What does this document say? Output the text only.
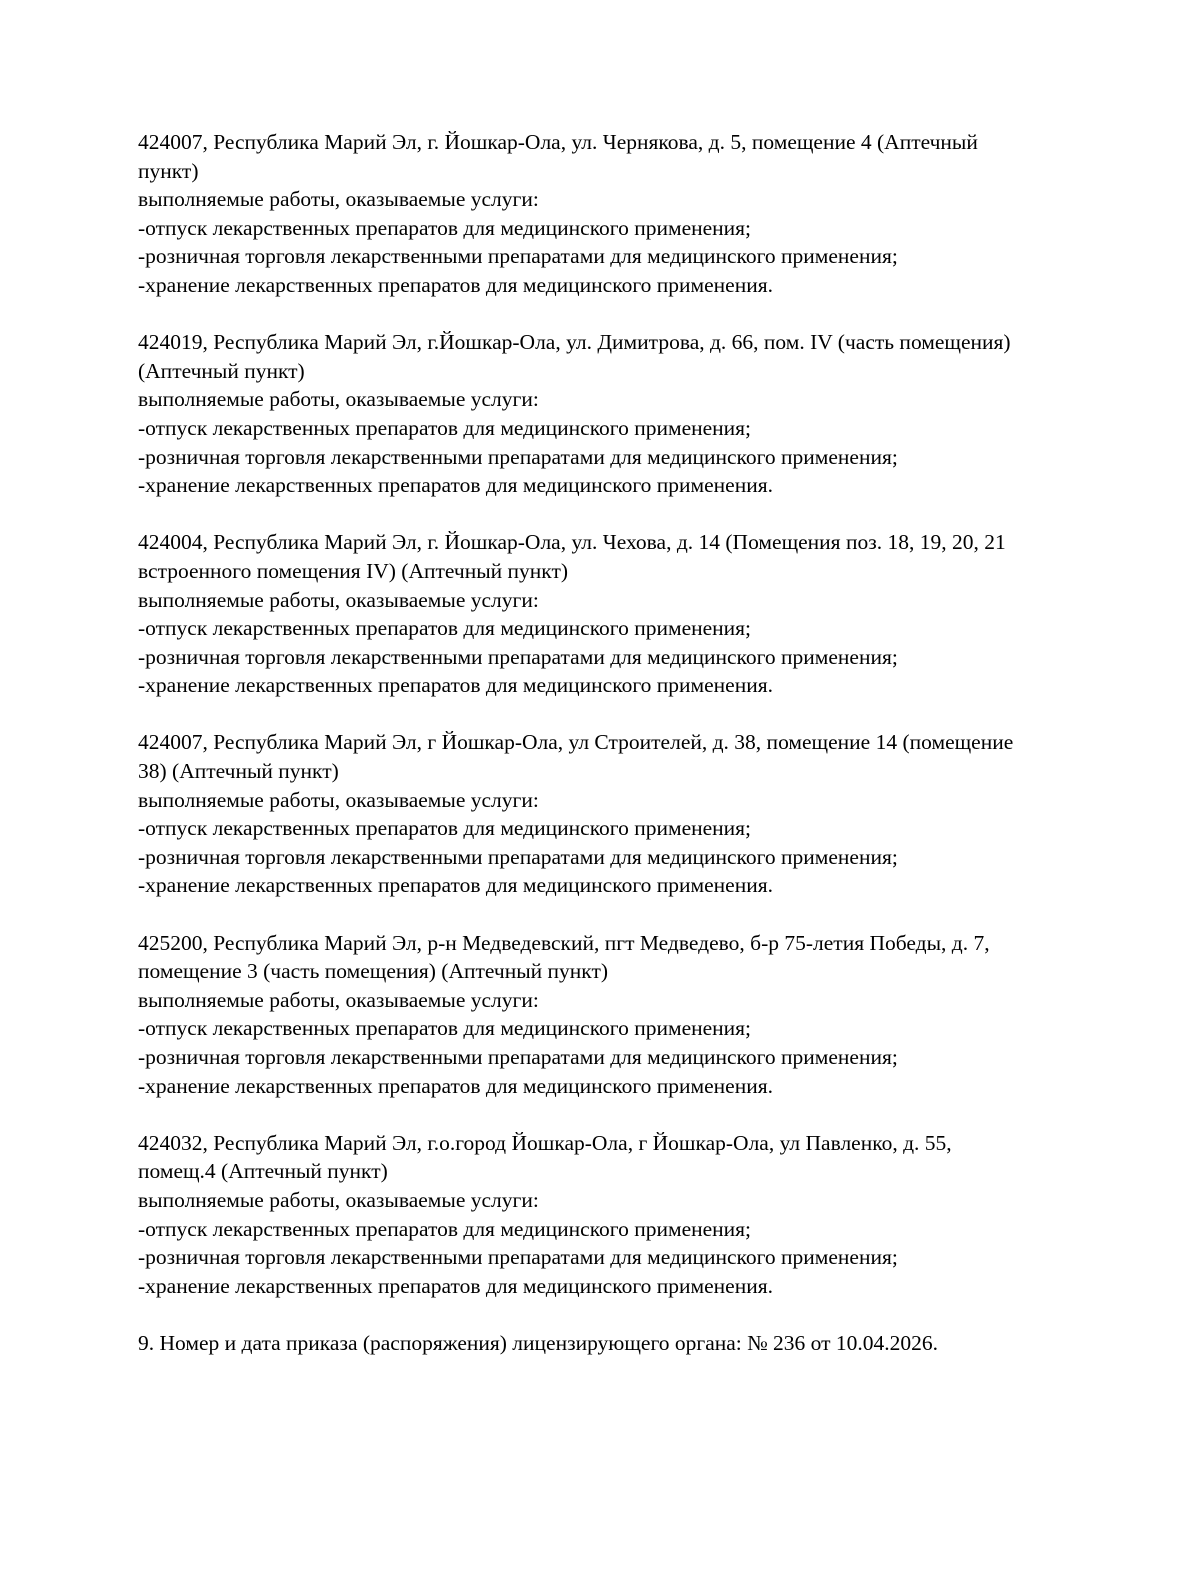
424007, Республика Марий Эл, г. Йошкар-Ола, ул. Чернякова, д. 5, помещение 4 (Аптечный
пункт)
выполняемые работы, оказываемые услуги:
-отпуск лекарственных препаратов для медицинского применения;
-розничная торговля лекарственными препаратами для медицинского применения;
-хранение лекарственных препаратов для медицинского применения.
424019, Республика Марий Эл, г.Йошкар-Ола, ул. Димитрова, д. 66, пом. IV (часть помещения)
(Аптечный пункт)
выполняемые работы, оказываемые услуги:
-отпуск лекарственных препаратов для медицинского применения;
-розничная торговля лекарственными препаратами для медицинского применения;
-хранение лекарственных препаратов для медицинского применения.
424004, Республика Марий Эл, г. Йошкар-Ола, ул. Чехова, д. 14 (Помещения поз. 18, 19, 20, 21
встроенного помещения IV) (Аптечный пункт)
выполняемые работы, оказываемые услуги:
-отпуск лекарственных препаратов для медицинского применения;
-розничная торговля лекарственными препаратами для медицинского применения;
-хранение лекарственных препаратов для медицинского применения.
424007, Республика Марий Эл, г Йошкар-Ола, ул Строителей, д. 38, помещение 14 (помещение
38) (Аптечный пункт)
выполняемые работы, оказываемые услуги:
-отпуск лекарственных препаратов для медицинского применения;
-розничная торговля лекарственными препаратами для медицинского применения;
-хранение лекарственных препаратов для медицинского применения.
425200, Республика Марий Эл, р-н Медведевский, пгт Медведево, б-р 75-летия Победы, д. 7,
помещение 3 (часть помещения) (Аптечный пункт)
выполняемые работы, оказываемые услуги:
-отпуск лекарственных препаратов для медицинского применения;
-розничная торговля лекарственными препаратами для медицинского применения;
-хранение лекарственных препаратов для медицинского применения.
424032, Республика Марий Эл, г.о.город Йошкар-Ола, г Йошкар-Ола, ул Павленко, д. 55,
помещ.4 (Аптечный пункт)
выполняемые работы, оказываемые услуги:
-отпуск лекарственных препаратов для медицинского применения;
-розничная торговля лекарственными препаратами для медицинского применения;
-хранение лекарственных препаратов для медицинского применения.
9. Номер и дата приказа (распоряжения) лицензирующего органа: № 236 от 10.04.2026.
